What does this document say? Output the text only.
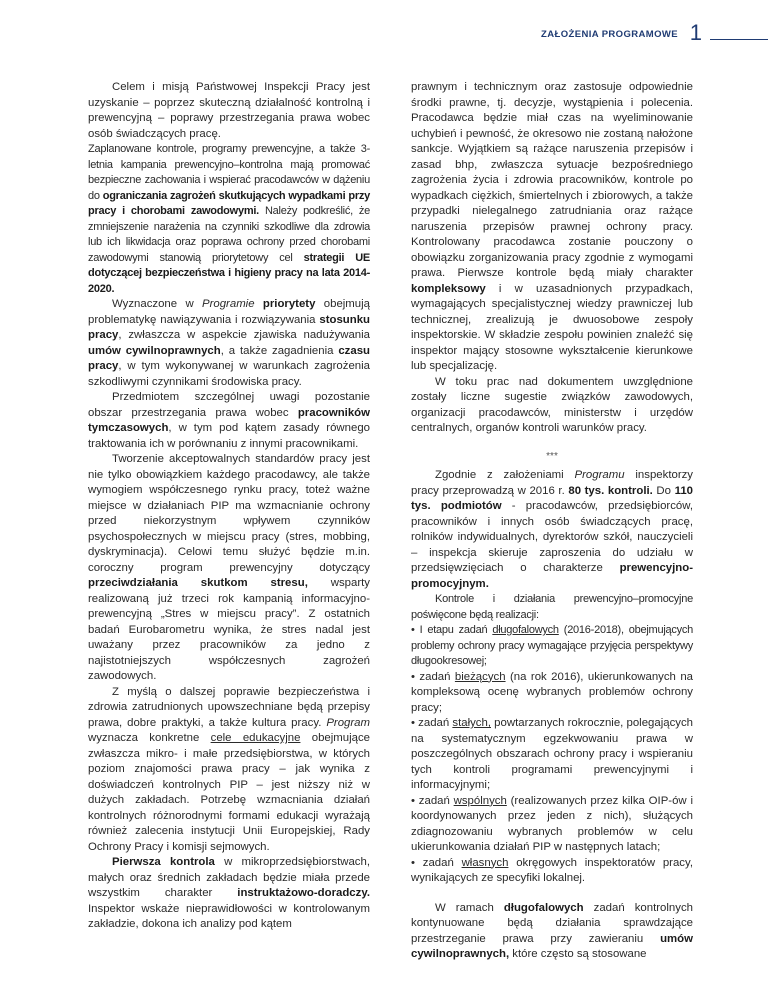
ZAŁOŻENIA PROGRAMOWE 1

Celem i misją Państwowej Inspekcji Pracy jest uzyskanie – poprzez skuteczną działalność kontrolną i prewencyjną – poprawy przestrzegania prawa wobec osób świadczących pracę.

Zaplanowane kontrole, programy prewencyjne, a także 3-letnia kampania prewencyjno–kontrolna mają promować bezpieczne zachowania i wspierać pracodawców w dążeniu do ograniczania zagrożeń skutkujących wypadkami przy pracy i chorobami zawodowymi. Należy podkreślić, że zmniejszenie narażenia na czynniki szkodliwe dla zdrowia lub ich likwidacja oraz poprawa ochrony przed chorobami zawodowymi stanowią priorytetowy cel strategii UE dotyczącej bezpieczeństwa i higieny pracy na lata 2014-2020.

Wyznaczone w Programie priorytety obejmują problematykę nawiązywania i rozwiązywania stosunku pracy, zwłaszcza w aspekcie zjawiska nadużywania umów cywilnoprawnych, a także zagadnienia czasu pracy, w tym wykonywanej w warunkach zagrożenia szkodliwymi czynnikami środowiska pracy.

Przedmiotem szczególnej uwagi pozostanie obszar przestrzegania prawa wobec pracowników tymczasowych, w tym pod kątem zasady równego traktowania ich w porównaniu z innymi pracownikami.

Tworzenie akceptowalnych standardów pracy jest nie tylko obowiązkiem każdego pracodawcy, ale także wymogiem współczesnego rynku pracy, toteż ważne miejsce w działaniach PIP ma wzmacnianie ochrony przed niekorzystnym wpływem czynników psychospołecznych w miejscu pracy (stres, mobbing, dyskryminacja). Celowi temu służyć będzie m.in. coroczny program prewencyjny dotyczący przeciwdziałania skutkom stresu, wsparty realizowaną już trzeci rok kampanią informacyjno-prewencyjną „Stres w miejscu pracy”. Z ostatnich badań Eurobarometru wynika, że stres nadal jest uważany przez pracowników za jedno z najistotniejszych współczesnych zagrożeń zawodowych.

Z myślą o dalszej poprawie bezpieczeństwa i zdrowia zatrudnionych upowszechniane będą przepisy prawa, dobre praktyki, a także kultura pracy. Program wyznacza konkretne cele edukacyjne obejmujące zwłaszcza mikro- i małe przedsiębiorstwa, w których poziom znajomości prawa pracy – jak wynika z doświadczeń kontrolnych PIP – jest niższy niż w dużych zakładach. Potrzebę wzmacniania działań kontrolnych różnorodnymi formami edukacji wyrażają również zalecenia instytucji Unii Europejskiej, Rady Ochrony Pracy i komisji sejmowych.

Pierwsza kontrola w mikroprzedsiębiorstwach, małych oraz średnich zakładach będzie miała przede wszystkim charakter instruktażowo-doradczy. Inspektor wskaże nieprawidłowości w kontrolowanym zakładzie, dokona ich analizy pod kątem

prawnym i technicznym oraz zastosuje odpowiednie środki prawne, tj. decyzje, wystąpienia i polecenia. Pracodawca będzie miał czas na wyeliminowanie uchybień i pewność, że okresowo nie zostaną nałożone sankcje. Wyjątkiem są rażące naruszenia przepisów i zasad bhp, zwłaszcza sytuacje bezpośredniego zagrożenia życia i zdrowia pracowników, kontrole po wypadkach ciężkich, śmiertelnych i zbiorowych, a także przypadki nielegalnego zatrudniania oraz rażące naruszenia przepisów prawnej ochrony pracy. Kontrolowany pracodawca zostanie pouczony o obowiązku zorganizowania pracy zgodnie z wymogami prawa. Pierwsze kontrole będą miały charakter kompleksowy i w uzasadnionych przypadkach, wymagających specjalistycznej wiedzy prawniczej lub technicznej, zrealizują je dwuosobowe zespoły inspektorskie. W składzie zespołu powinien znaleźć się inspektor mający stosowne wykształcenie kierunkowe lub specjalizację.

W toku prac nad dokumentem uwzględnione zostały liczne sugestie związków zawodowych, organizacji pracodawców, ministerstw i urzędów centralnych, organów kontroli warunków pracy.

***

Zgodnie z założeniami Programu inspektorzy pracy przeprowadzą w 2016 r. 80 tys. kontroli. Do 110 tys. podmiotów - pracodawców, przedsiębiorców, pracowników i innych osób świadczących pracę, rolników indywidualnych, dyrektorów szkół, nauczycieli – inspekcja skieruje zaproszenia do udziału w przedsięwzięciach o charakterze prewencyjno-promocyjnym.

Kontrole i działania prewencyjno–promocyjne poświęcone będą realizacji:

• I etapu zadań długofalowych (2016-2018), obejmujących problemy ochrony pracy wymagające przyjęcia perspektywy długookresowej;

• zadań bieżących (na rok 2016), ukierunkowanych na kompleksową ocenę wybranych problemów ochrony pracy;

• zadań stałych, powtarzanych rokrocznie, polegających na systematycznym egzekwowaniu prawa w poszczególnych obszarach ochrony pracy i wspieraniu tych kontroli programami prewencyjnymi i informacyjnymi;

• zadań wspólnych (realizowanych przez kilka OIP-ów i koordynowanych przez jeden z nich), służących zdiagnozowaniu wybranych problemów w celu ukierunkowania działań PIP w następnych latach;

• zadań własnych okręgowych inspektoratów pracy, wynikających ze specyfiki lokalnej.

W ramach długofalowych zadań kontrolnych kontynuowane będą działania sprawdzające przestrzeganie prawa przy zawieraniu umów cywilnoprawnych, które często są stosowane
